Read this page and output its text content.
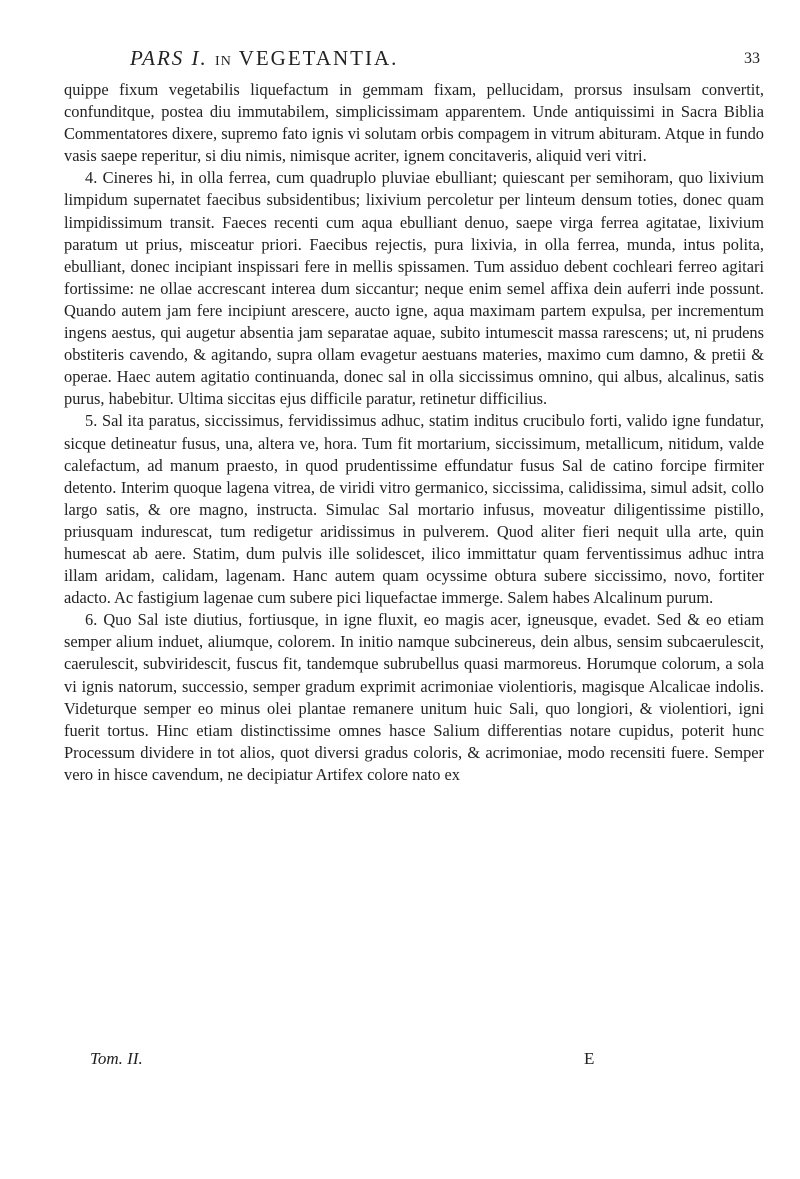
PARS I. IN VEGETANTIA.	33

quippe fixum vegetabilis liquefactum in gemmam fixam, pellucidam, prorsus insulsam convertit, confunditque, postea diu immutabilem, simplicissimam apparentem. Unde antiquissimi in Sacra Biblia Commentatores dixere, supremo fato ignis vi solutam orbis compagem in vitrum abituram. Atque in fundo vasis saepe reperitur, si diu nimis, nimisque acriter, ignem concitaveris, aliquid veri vitri.

4. Cineres hi, in olla ferrea, cum quadruplo pluviae ebulliant; quiescant per semihoram, quo lixivium limpidum supernatet faecibus subsidentibus; lixivium percoletur per linteum densum toties, donec quam limpidissimum transit. Faeces recenti cum aqua ebulliant denuo, saepe virga ferrea agitatae, lixivium paratum ut prius, misceatur priori. Faecibus rejectis, pura lixivia, in olla ferrea, munda, intus polita, ebulliant, donec incipiant inspissari fere in mellis spissamen. Tum assiduo debent cochleari ferreo agitari fortissime: ne ollae accrescant interea dum siccantur; neque enim semel affixa dein auferri inde possunt. Quando autem jam fere incipiunt arescere, aucto igne, aqua maximam partem expulsa, per incrementum ingens aestus, qui augetur absentia jam separatae aquae, subito intumescit massa rarescens; ut, ni prudens obstiteris cavendo, & agitando, supra ollam evagetur aestuans materies, maximo cum damno, & pretii & operae. Haec autem agitatio continuanda, donec sal in olla siccissimus omnino, qui albus, alcalinus, satis purus, habebitur. Ultima siccitas ejus difficile paratur, retinetur difficilius.

5. Sal ita paratus, siccissimus, fervidissimus adhuc, statim inditus crucibulo forti, valido igne fundatur, sicque detineatur fusus, una, altera ve, hora. Tum fit mortarium, siccissimum, metallicum, nitidum, valde calefactum, ad manum praesto, in quod prudentissime effundatur fusus Sal de catino forcipe firmiter detento. Interim quoque lagena vitrea, de viridi vitro germanico, siccissima, calidissima, simul adsit, collo largo satis, & ore magno, instructa. Simulac Sal mortario infusus, moveatur diligentissime pistillo, priusquam indurescat, tum redigetur aridissimus in pulverem. Quod aliter fieri nequit ulla arte, quin humescat ab aere. Statim, dum pulvis ille solidescet, ilico immittatur quam ferventissimus adhuc intra illam aridam, calidam, lagenam. Hanc autem quam ocyssime obtura subere siccissimo, novo, fortiter adacto. Ac fastigium lagenae cum subere pici liquefactae immerge. Salem habes Alcalinum purum.

6. Quo Sal iste diutius, fortiusque, in igne fluxit, eo magis acer, igneusque, evadet. Sed & eo etiam semper alium induet, aliumque, colorem. In initio namque subcinereus, dein albus, sensim subcaerulescit, caerulescit, subviridescit, fuscus fit, tandemque subrubellus quasi marmoreus. Horumque colorum, a sola vi ignis natorum, successio, semper gradum exprimit acrimoniae violentioris, magisque Alcalicae indolis. Videturque semper eo minus olei plantae remanere unitum huic Sali, quo longiori, & violentiori, igni fuerit tortus. Hinc etiam distinctissime omnes hasce Salium differentias notare cupidus, poterit hunc Processum dividere in tot alios, quot diversi gradus coloris, & acrimoniae, modo recensiti fuere. Semper vero in hisce cavendum, ne decipiatur Artifex colore nato ex

Tom. II.	E
